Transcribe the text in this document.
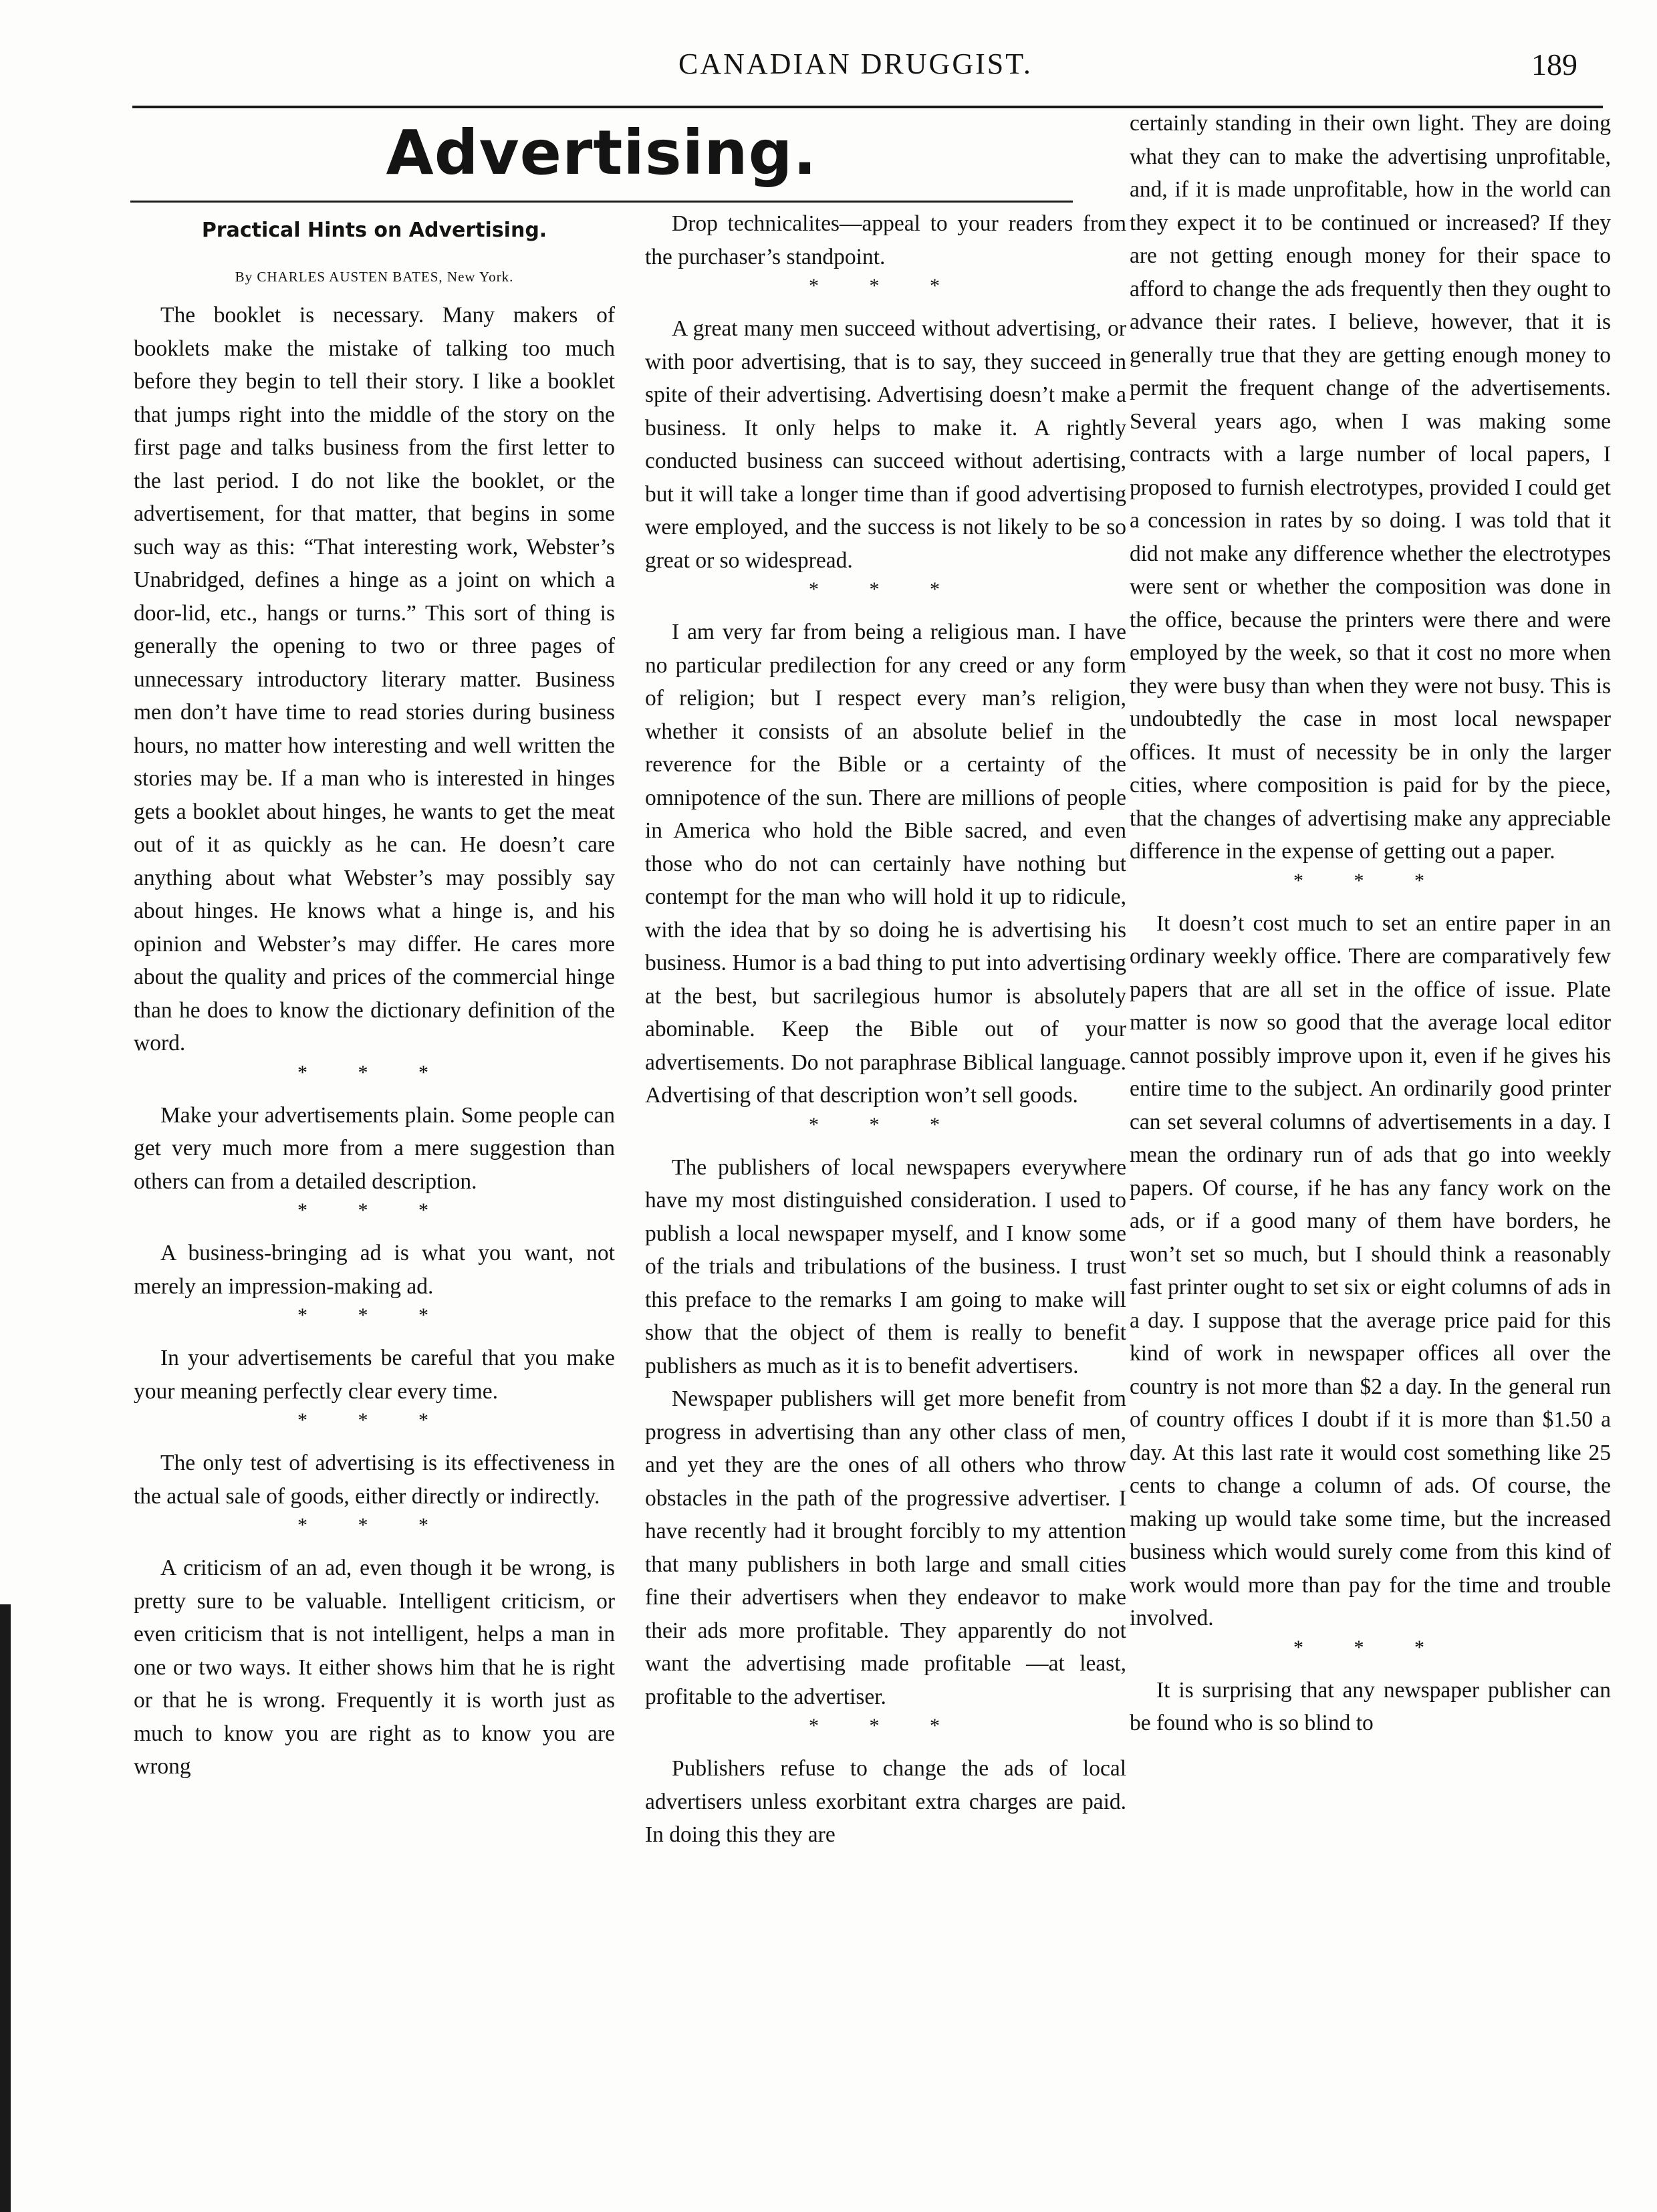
CANADIAN DRUGGIST.	189
Advertising.
Practical Hints on Advertising.
By CHARLES AUSTEN BATES, New York.

The booklet is necessary. Many makers of booklets make the mistake of talking too much before they begin to tell their story. I like a booklet that jumps right into the middle of the story on the first page and talks business from the first letter to the last period. I do not like the booklet, or the advertisement, for that matter, that begins in some such way as this: “That interesting work, Webster’s Unabridged, defines a hinge as a joint on which a door-lid, etc., hangs or turns.” This sort of thing is generally the opening to two or three pages of unnecessary introductory literary matter. Business men don’t have time to read stories during business hours, no matter how interesting and well written the stories may be. If a man who is interested in hinges gets a booklet about hinges, he wants to get the meat out of it as quickly as he can. He doesn’t care anything about what Webster’s may possibly say about hinges. He knows what a hinge is, and his opinion and Webster’s may differ. He cares more about the quality and prices of the commercial hinge than he does to know the dictionary definition of the word.

* * *

Make your advertisements plain. Some people can get very much more from a mere suggestion than others can from a detailed description.

* * *

A business-bringing ad is what you want, not merely an impression-making ad.

* * *

In your advertisements be careful that you make your meaning perfectly clear every time.

* * *

The only test of advertising is its effectiveness in the actual sale of goods, either directly or indirectly.

* * *

A criticism of an ad, even though it be wrong, is pretty sure to be valuable. Intelligent criticism, or even criticism that is not intelligent, helps a man in one or two ways. It either shows him that he is right or that he is wrong. Frequently it is worth just as much to know you are right as to know you are wrong

Drop technicalites—appeal to your readers from the purchaser’s standpoint.

* * *

A great many men succeed without advertising, or with poor advertising, that is to say, they succeed in spite of their advertising. Advertising doesn’t make a business. It only helps to make it. A rightly conducted business can succeed without adertising, but it will take a longer time than if good advertising were employed, and the success is not likely to be so great or so widespread.

* * *

I am very far from being a religious man. I have no particular predilection for any creed or any form of religion; but I respect every man’s religion, whether it consists of an absolute belief in the reverence for the Bible or a certainty of the omnipotence of the sun. There are millions of people in America who hold the Bible sacred, and even those who do not can certainly have nothing but contempt for the man who will hold it up to ridicule, with the idea that by so doing he is advertising his business. Humor is a bad thing to put into advertising at the best, but sacrilegious humor is absolutely abominable. Keep the Bible out of your advertisements. Do not paraphrase Biblical language. Advertising of that description won’t sell goods.

* * *

The publishers of local newspapers everywhere have my most distinguished consideration. I used to publish a local newspaper myself, and I know some of the trials and tribulations of the business. I trust this preface to the remarks I am going to make will show that the object of them is really to benefit publishers as much as it is to benefit advertisers.

Newspaper publishers will get more benefit from progress in advertising than any other class of men, and yet they are the ones of all others who throw obstacles in the path of the progressive advertiser. I have recently had it brought forcibly to my attention that many publishers in both large and small cities fine their advertisers when they endeavor to make their ads more profitable. They apparently do not want the advertising made profitable —at least, profitable to the advertiser.

* * *

Publishers refuse to change the ads of local advertisers unless exorbitant extra charges are paid. In doing this they are

certainly standing in their own light. They are doing what they can to make the advertising unprofitable, and, if it is made unprofitable, how in the world can they expect it to be continued or increased? If they are not getting enough money for their space to afford to change the ads frequently then they ought to advance their rates. I believe, however, that it is generally true that they are getting enough money to permit the frequent change of the advertisements. Several years ago, when I was making some contracts with a large number of local papers, I proposed to furnish electrotypes, provided I could get a concession in rates by so doing. I was told that it did not make any difference whether the electrotypes were sent or whether the composition was done in the office, because the printers were there and were employed by the week, so that it cost no more when they were busy than when they were not busy. This is undoubtedly the case in most local newspaper offices. It must of necessity be in only the larger cities, where composition is paid for by the piece, that the changes of advertising make any appreciable difference in the expense of getting out a paper.

* * *

It doesn’t cost much to set an entire paper in an ordinary weekly office. There are comparatively few papers that are all set in the office of issue. Plate matter is now so good that the average local editor cannot possibly improve upon it, even if he gives his entire time to the subject. An ordinarily good printer can set several columns of advertisements in a day. I mean the ordinary run of ads that go into weekly papers. Of course, if he has any fancy work on the ads, or if a good many of them have borders, he won’t set so much, but I should think a reasonably fast printer ought to set six or eight columns of ads in a day. I suppose that the average price paid for this kind of work in newspaper offices all over the country is not more than $2 a day. In the general run of country offices I doubt if it is more than $1.50 a day. At this last rate it would cost something like 25 cents to change a column of ads. Of course, the making up would take some time, but the increased business which would surely come from this kind of work would more than pay for the time and trouble involved.

* * *

It is surprising that any newspaper publisher can be found who is so blind to
